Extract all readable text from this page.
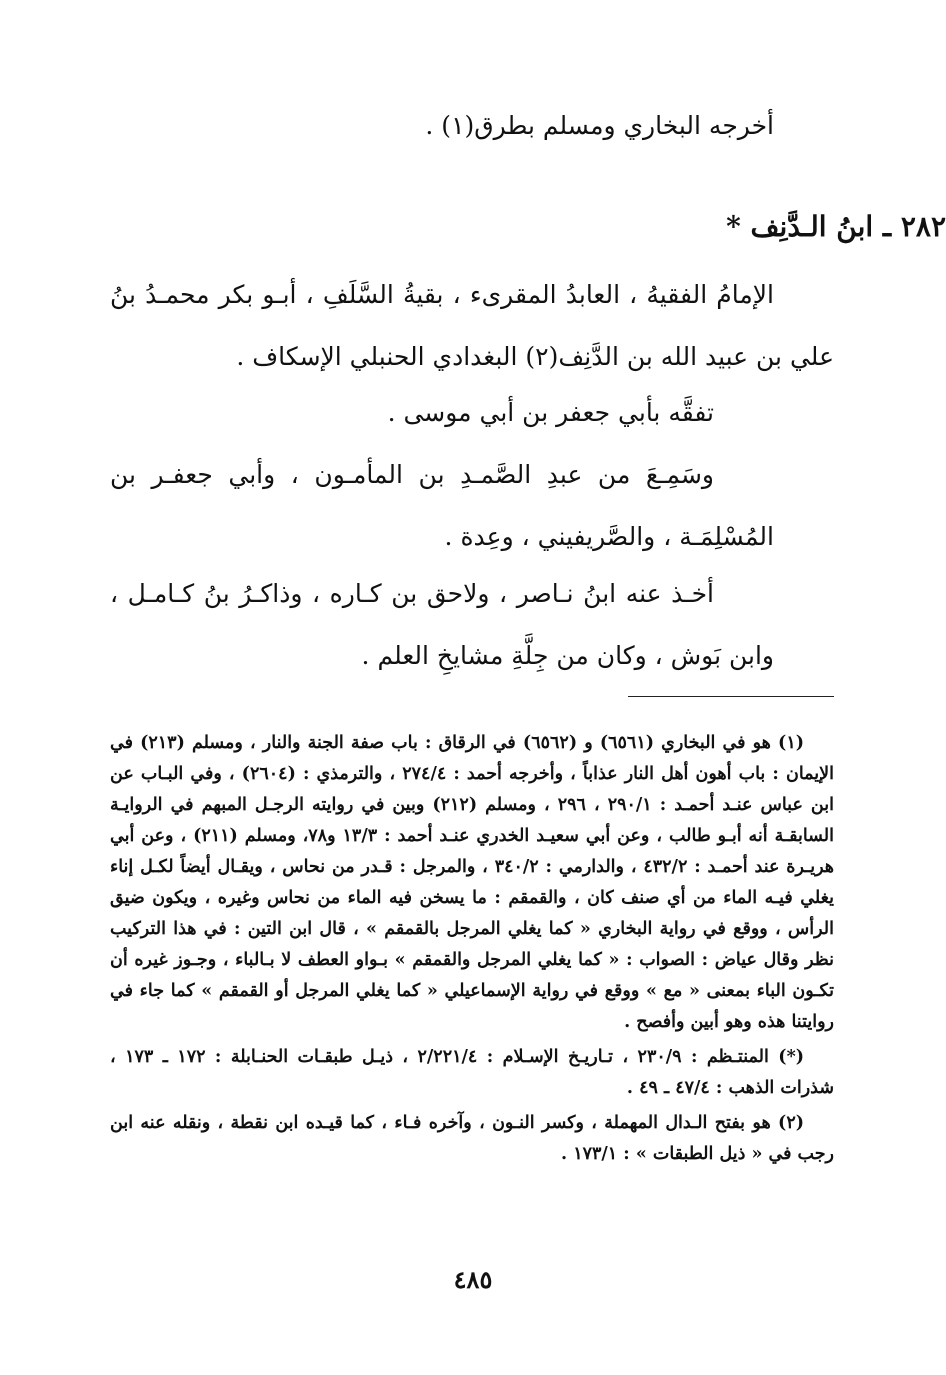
أخرجه البخاري ومسلم بطرق(١) .
٢٨٢ ـ ابنُ الـدَّنِف *
الإمامُ الفقيهُ ، العابدُ المقرىء ، بقيةُ السَّلَفِ ، أبـو بكر محمـدُ بنُ علي بن عبيد الله بن الدَّنِف(٢) البغدادي الحنبلي الإسكاف .
تفقَّه بأبي جعفر بن أبي موسى .
وسَمِـعَ من عبدِ الصَّمـدِ بن المأمـون ، وأبي جعفـر بن المُسْلِمَـة ، والصَّريفيني ، وعِدة .
أخـذ عنه ابنُ نـاصر ، ولاحق بن كـاره ، وذاكـرُ بنُ كـامـل ، وابن بَوش ، وكان من جِلَّةِ مشايخِ العلم .

(١) هو في البخاري (٦٥٦١) و (٦٥٦٢) في الرقاق : باب صفة الجنة والنار ، ومسلم (٢١٣) في الإيمان : باب أهون أهل النار عذاباً ، وأخرجه أحمد : ٢٧٤/٤ ، والترمذي : (٢٦٠٤) ، وفي البـاب عن ابن عباس عنـد أحمـد : ٢٩٠/١ ، ٢٩٦ ، ومسلم (٢١٢) وبين في روايته الرجـل المبهم في الروايـة السابقـة أنه أبـو طالب ، وعن أبي سعيـد الخدري عنـد أحمد : ١٣/٣ و٧٨، ومسلم (٢١١) ، وعن أبي هريـرة عند أحمـد : ٤٣٢/٢ ، والدارمي : ٣٤٠/٢ ، والمرجل : قـدر من نحاس ، ويقـال أيضاً لكـل إناء يغلي فيـه الماء من أي صنف كان ، والقمقم : ما يسخن فيه الماء من نحاس وغيره ، ويكون ضيق الرأس ، ووقع في رواية البخاري « كما يغلي المرجل بالقمقم » ، قال ابن التين : في هذا التركيب نظر وقال عياض : الصواب : « كما يغلي المرجل والقمقم » بـواو العطف لا بـالباء ، وجـوز غيره أن تكـون الباء بمعنى « مع » ووقع في رواية الإسماعيلي « كما يغلي المرجل أو القمقم » كما جاء في روايتنا هذه وهو أبين وأفصح .

(*) المنتـظم : ٢٣٠/٩ ، تـاريـخ الإسـلام : ٢/٢٢١/٤ ، ذيـل طبقـات الحنـابلة : ١٧٢ ـ ١٧٣ ، شذرات الذهب : ٤٧/٤ ـ ٤٩ .

(٢) هو بفتح الـدال المهملة ، وكسر النـون ، وآخره فـاء ، كما قيـده ابن نقطة ، ونقله عنه ابن رجب في « ذيل الطبقات » : ١٧٣/١ .

٤٨٥
